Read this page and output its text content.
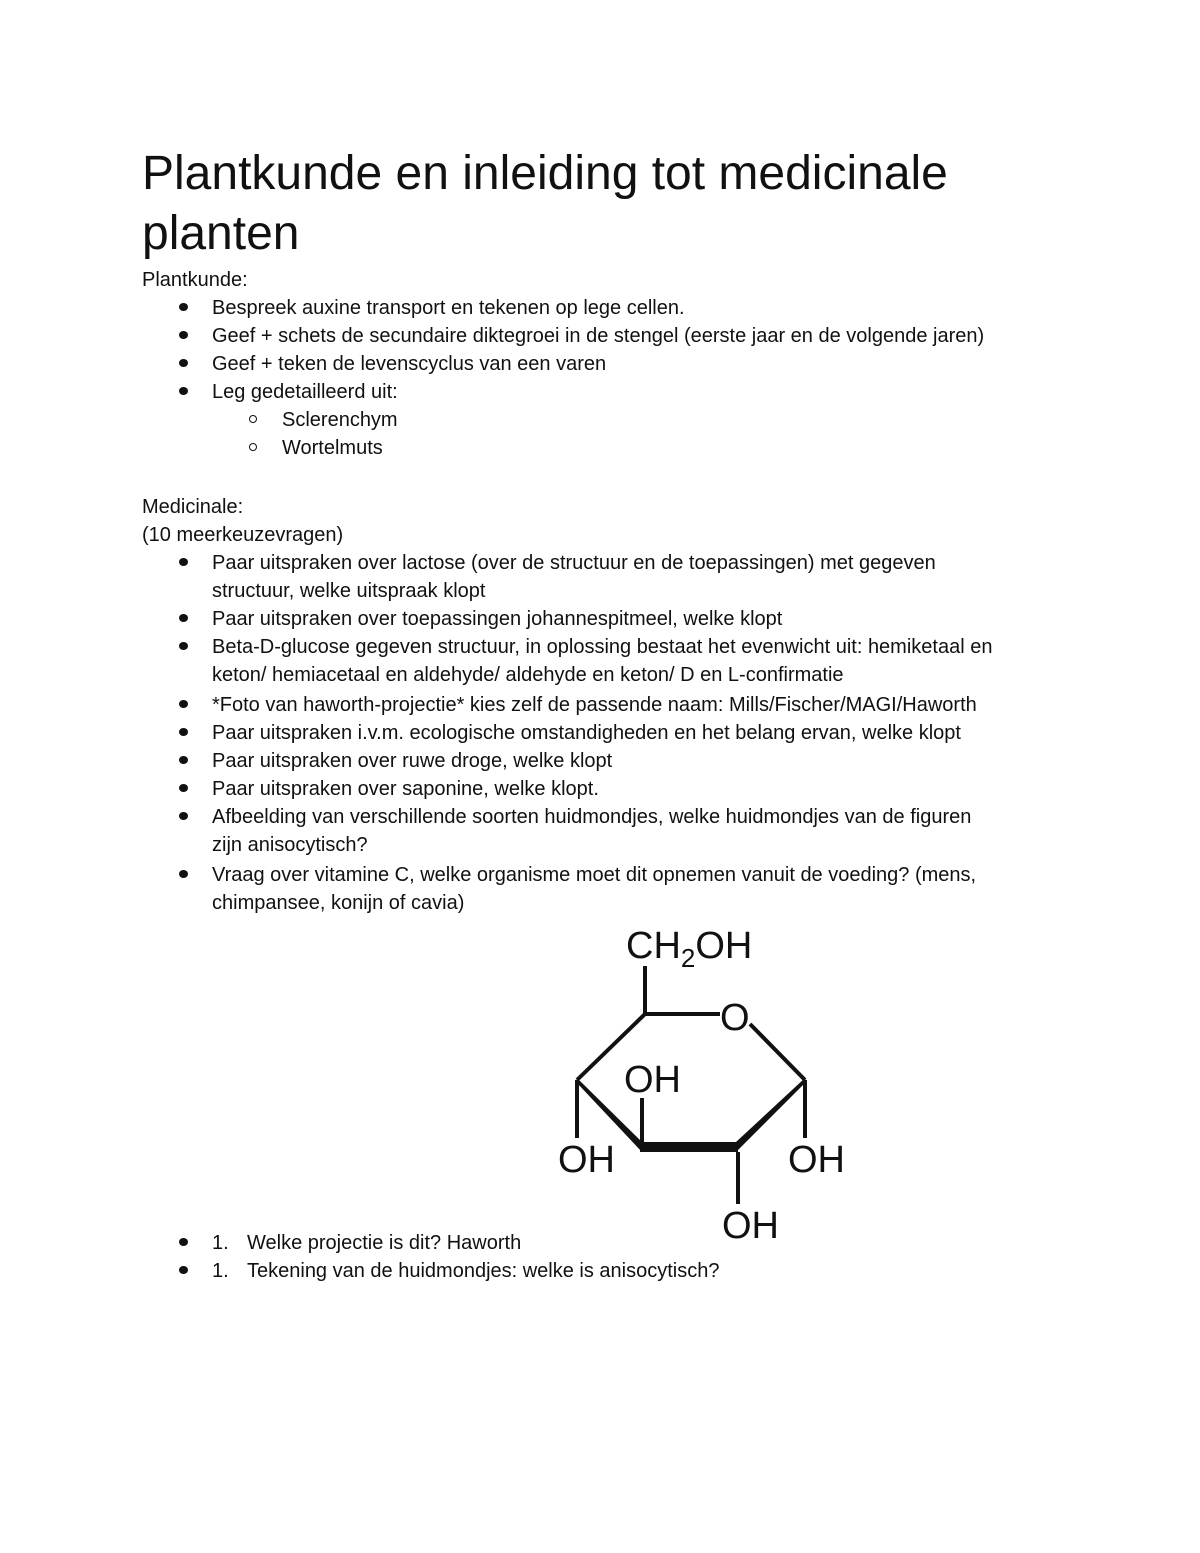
Plantkunde en inleiding tot medicinale planten
Plantkunde:
Bespreek auxine transport en tekenen op lege cellen.
Geef + schets de secundaire diktegroei in de stengel (eerste jaar en de volgende jaren)
Geef + teken de levenscyclus van een varen
Leg gedetailleerd uit:
Sclerenchym
Wortelmuts
Medicinale:
(10 meerkeuzevragen)
Paar uitspraken over lactose (over de structuur en de toepassingen) met gegeven
structuur, welke uitspraak klopt
Paar uitspraken over toepassingen johannespitmeel, welke klopt
Beta-D-glucose gegeven structuur, in oplossing bestaat het evenwicht uit: hemiketaal en
keton/ hemiacetaal en aldehyde/ aldehyde en keton/ D en L-confirmatie
*Foto van haworth-projectie* kies zelf de passende naam: Mills/Fischer/MAGI/Haworth
Paar uitspraken i.v.m. ecologische omstandigheden en het belang ervan, welke klopt
Paar uitspraken over ruwe droge, welke klopt
Paar uitspraken over saponine, welke klopt.
Afbeelding van verschillende soorten huidmondjes, welke huidmondjes van de figuren
zijn anisocytisch?
Vraag over vitamine C, welke organisme moet dit opnemen vanuit de voeding? (mens,
chimpansee, konijn of cavia)
$CH_2OH$
O
OH
OH
OH
OH
1. Welke projectie is dit? Haworth
1. Tekening van de huidmondjes: welke is anisocytisch?
